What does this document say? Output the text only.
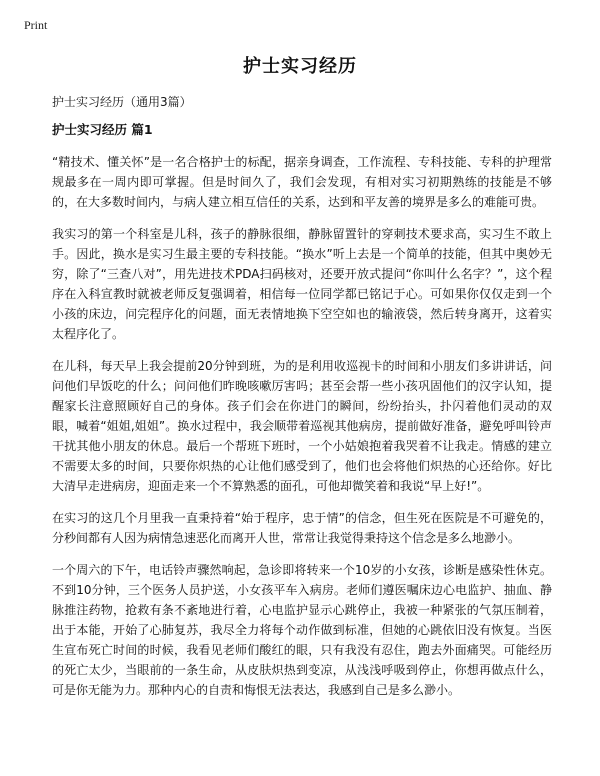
Print
护士实习经历

护士实习经历（通用3篇）

护士实习经历 篇1

“精技术、懂关怀”是一名合格护士的标配，据亲身调查，工作流程、专科技能、专科的护理常规最多在一周内即可掌握。但是时间久了，我们会发现，有相对实习初期熟练的技能是不够的，在大多数时间内，与病人建立相互信任的关系，达到和平友善的境界是多么的难能可贵。

我实习的第一个科室是儿科，孩子的静脉很细，静脉留置针的穿刺技术要求高，实习生不敢上手。因此，换水是实习生最主要的专科技能。“换水”听上去是一个简单的技能，但其中奥妙无穷，除了“三查八对”，用先进技术PDA扫码核对，还要开放式提问“你叫什么名字？”，这个程序在入科宣教时就被老师反复强调着，相信每一位同学都已铭记于心。可如果你仅仅走到一个小孩的床边，问完程序化的问题，面无表情地换下空空如也的输液袋，然后转身离开，这着实太程序化了。

在儿科，每天早上我会提前20分钟到班，为的是利用收巡视卡的时间和小朋友们多讲讲话，问问他们早饭吃的什么；问问他们昨晚咳嗽厉害吗；甚至会帮一些小孩巩固他们的汉字认知，提醒家长注意照顾好自己的身体。孩子们会在你进门的瞬间，纷纷抬头，扑闪着他们灵动的双眼，喊着“姐姐,姐姐”。换水过程中，我会顺带着巡视其他病房，提前做好准备，避免呼叫铃声干扰其他小朋友的休息。最后一个帮班下班时，一个小姑娘抱着我哭着不让我走。情感的建立不需要太多的时间，只要你炽热的心让他们感受到了，他们也会将他们炽热的心还给你。好比大清早走进病房，迎面走来一个不算熟悉的面孔，可他却微笑着和我说“早上好!”。

在实习的这几个月里我一直秉持着“始于程序，忠于情”的信念，但生死在医院是不可避免的，分秒间都有人因为病情急速恶化而离开人世，常常让我觉得秉持这个信念是多么地渺小。

一个周六的下午，电话铃声骤然响起，急诊即将转来一个10岁的小女孩，诊断是感染性休克。不到10分钟，三个医务人员护送，小女孩平车入病房。老师们遵医嘱床边心电监护、抽血、静脉推注药物，抢救有条不紊地进行着，心电监护显示心跳停止，我被一种紧张的气氛压制着，出于本能，开始了心肺复苏，我尽全力将每个动作做到标准，但她的心跳依旧没有恢复。当医生宣布死亡时间的时候，我看见老师们酸红的眼，只有我没有忍住，跑去外面痛哭。可能经历的死亡太少，当眼前的一条生命，从皮肤炽热到变凉，从浅浅呼吸到停止，你想再做点什么，可是你无能为力。那种内心的自责和悔恨无法表达，我感到自己是多么渺小。
